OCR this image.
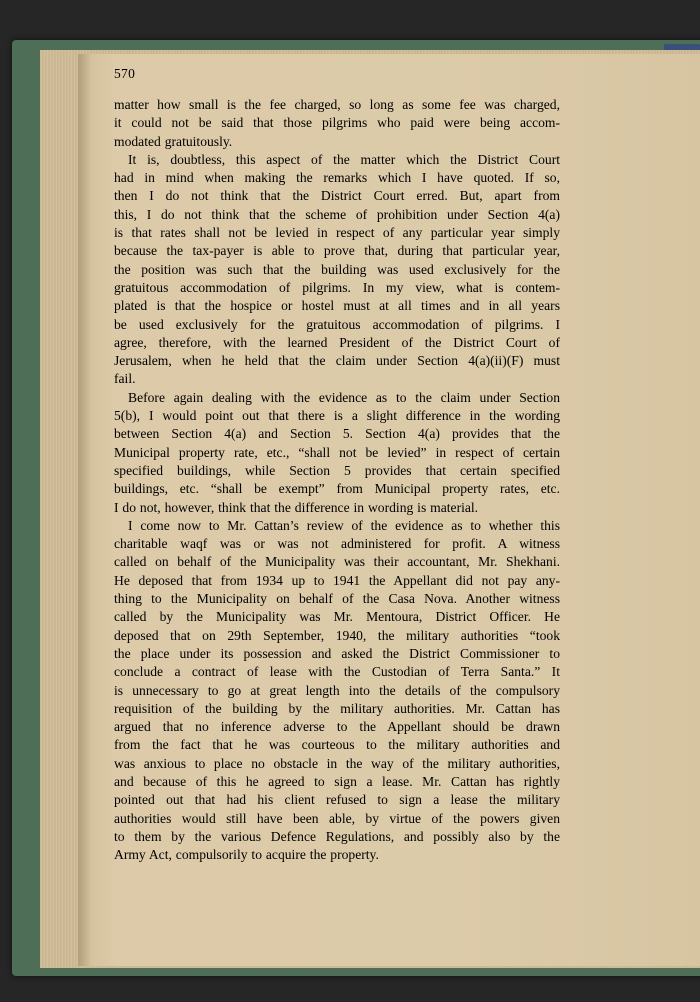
570

matter how small is the fee charged, so long as some fee was charged,
it could not be said that those pilgrims who paid were being accom-
modated gratuitously.

It is, doubtless, this aspect of the matter which the District Court
had in mind when making the remarks which I have quoted. If so,
then I do not think that the District Court erred. But, apart from
this, I do not think that the scheme of prohibition under Section 4(a)
is that rates shall not be levied in respect of any particular year simply
because the tax-payer is able to prove that, during that particular year,
the position was such that the building was used exclusively for the
gratuitous accommodation of pilgrims. In my view, what is contem-
plated is that the hospice or hostel must at all times and in all years
be used exclusively for the gratuitous accommodation of pilgrims. I
agree, therefore, with the learned President of the District Court of
Jerusalem, when he held that the claim under Section 4(a)(ii)(F) must
fail.

Before again dealing with the evidence as to the claim under Section
5(b), I would point out that there is a slight difference in the wording
between Section 4(a) and Section 5. Section 4(a) provides that the
Municipal property rate, etc., “shall not be levied” in respect of certain
specified buildings, while Section 5 provides that certain specified
buildings, etc. “shall be exempt” from Municipal property rates, etc.
I do not, however, think that the difference in wording is material.

I come now to Mr. Cattan’s review of the evidence as to whether this
charitable waqf was or was not administered for profit. A witness
called on behalf of the Municipality was their accountant, Mr. Shekhani.
He deposed that from 1934 up to 1941 the Appellant did not pay any-
thing to the Municipality on behalf of the Casa Nova. Another witness
called by the Municipality was Mr. Mentoura, District Officer. He
deposed that on 29th September, 1940, the military authorities “took
the place under its possession and asked the District Commissioner to
conclude a contract of lease with the Custodian of Terra Santa.” It
is unnecessary to go at great length into the details of the compulsory
requisition of the building by the military authorities. Mr. Cattan has
argued that no inference adverse to the Appellant should be drawn
from the fact that he was courteous to the military authorities and
was anxious to place no obstacle in the way of the military authorities,
and because of this he agreed to sign a lease. Mr. Cattan has rightly
pointed out that had his client refused to sign a lease the military
authorities would still have been able, by virtue of the powers given
to them by the various Defence Regulations, and possibly also by the
Army Act, compulsorily to acquire the property.
